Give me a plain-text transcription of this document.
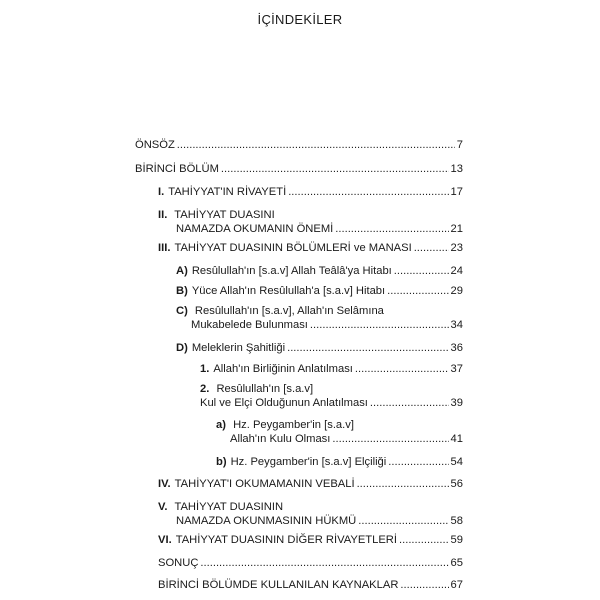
İÇİNDEKİLER
ÖNSÖZ .....	7
BİRİNCİ BÖLÜM .....	13
I. TAHİYYAT'IN RİVAYETİ .....	17
II. TAHİYYAT DUASINI
NAMAZDA OKUMANIN ÖNEMİ .....	21
III. TAHİYYAT DUASININ BÖLÜMLERİ ve MANASI .....	23
A) Resûlullah'ın [s.a.v] Allah Teâlâ'ya Hitabı .....	24
B) Yüce Allah'ın Resûlullah'a [s.a.v] Hitabı .....	29
C) Resûlullah'ın [s.a.v], Allah'ın Selâmına
Mukabelede Bulunması .....	34
D) Meleklerin Şahitliği .....	36
1. Allah'ın Birliğinin Anlatılması .....	37
2. Resûlullah'ın [s.a.v]
Kul ve Elçi Olduğunun Anlatılması .....	39
a) Hz. Peygamber'in [s.a.v]
Allah'ın Kulu Olması .....	41
b) Hz. Peygamber'in [s.a.v] Elçiliği .....	54
IV. TAHİYYAT'I OKUMAMANIN VEBALİ .....	56
V. TAHİYYAT DUASININ
NAMAZDA OKUNMASININ HÜKMÜ .....	58
VI. TAHİYYAT DUASININ DİĞER RİVAYETLERİ .....	59
SONUÇ .....	65
BİRİNCİ BÖLÜMDE KULLANILAN KAYNAKLAR .....	67
